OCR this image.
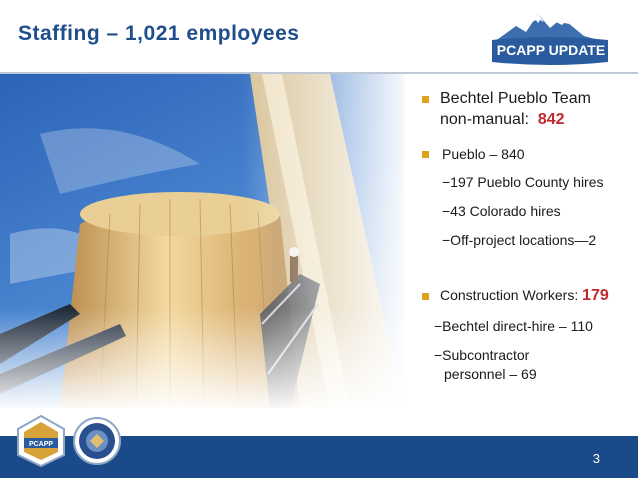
Staffing – 1,021 employees
PCAPP UPDATE
Bechtel Pueblo Team
non-manual: 842
Pueblo – 840
−197 Pueblo County hires
−43 Colorado hires
−Off-project locations—2
Construction Workers: 179
−Bechtel direct-hire – 110
−Subcontractor
personnel – 69
3
PCAPP
